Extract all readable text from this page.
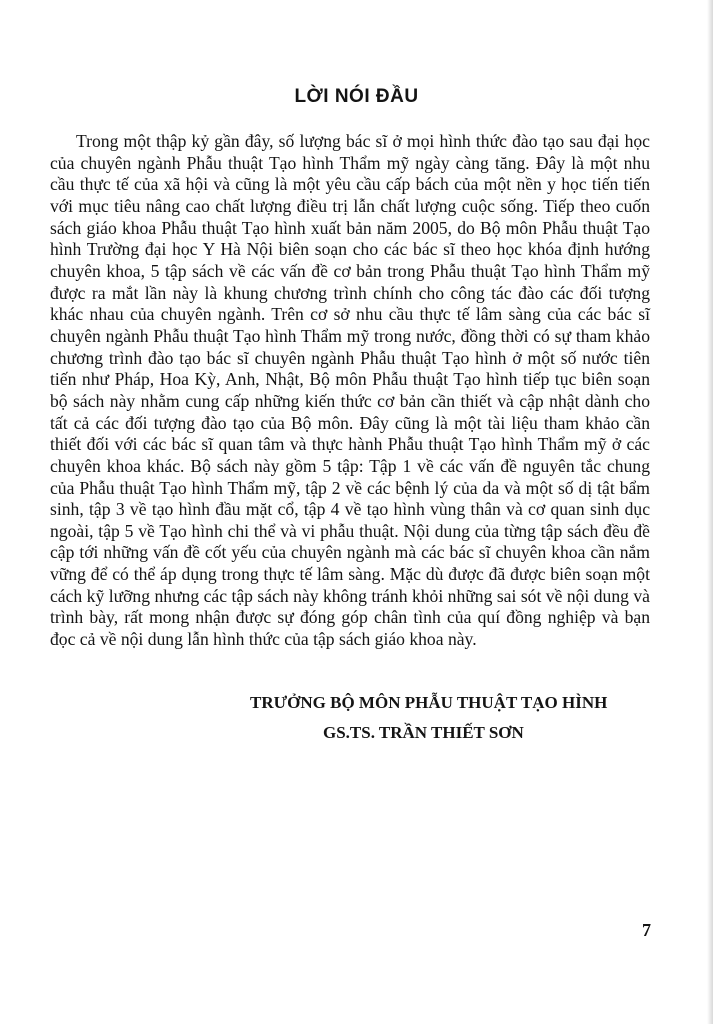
LỜI NÓI ĐẦU

Trong một thập kỷ gần đây, số lượng bác sĩ ở mọi hình thức đào tạo sau đại học của chuyên ngành Phẫu thuật Tạo hình Thẩm mỹ ngày càng tăng. Đây là một nhu cầu thực tế của xã hội và cũng là một yêu cầu cấp bách của một nền y học tiến tiến với mục tiêu nâng cao chất lượng điều trị lẫn chất lượng cuộc sống. Tiếp theo cuốn sách giáo khoa Phẫu thuật Tạo hình xuất bản năm 2005, do Bộ môn Phẫu thuật Tạo hình Trường đại học Y Hà Nội biên soạn cho các bác sĩ theo học khóa định hướng chuyên khoa, 5 tập sách về các vấn đề cơ bản trong Phẫu thuật Tạo hình Thẩm mỹ được ra mắt lần này là khung chương trình chính cho công tác đào các đối tượng khác nhau của chuyên ngành. Trên cơ sở nhu cầu thực tế lâm sàng của các bác sĩ chuyên ngành Phẫu thuật Tạo hình Thẩm mỹ trong nước, đồng thời có sự tham khảo chương trình đào tạo bác sĩ chuyên ngành Phẫu thuật Tạo hình ở một số nước tiên tiến như Pháp, Hoa Kỳ, Anh, Nhật, Bộ môn Phẫu thuật Tạo hình tiếp tục biên soạn bộ sách này nhằm cung cấp những kiến thức cơ bản cần thiết và cập nhật dành cho tất cả các đối tượng đào tạo của Bộ môn. Đây cũng là một tài liệu tham khảo cần thiết đối với các bác sĩ quan tâm và thực hành Phẫu thuật Tạo hình Thẩm mỹ ở các chuyên khoa khác. Bộ sách này gồm 5 tập: Tập 1 về các vấn đề nguyên tắc chung của Phẫu thuật Tạo hình Thẩm mỹ, tập 2 về các bệnh lý của da và một số dị tật bẩm sinh, tập 3 về tạo hình đầu mặt cổ, tập 4 về tạo hình vùng thân và cơ quan sinh dục ngoài, tập 5 về Tạo hình chi thể và vi phẫu thuật. Nội dung của từng tập sách đều đề cập tới những vấn đề cốt yếu của chuyên ngành mà các bác sĩ chuyên khoa cần nắm vững để có thể áp dụng trong thực tế lâm sàng. Mặc dù được đã được biên soạn một cách kỹ lưỡng nhưng các tập sách này không tránh khỏi những sai sót về nội dung và trình bày, rất mong nhận được sự đóng góp chân tình của quí đồng nghiệp và bạn đọc cả về nội dung lẫn hình thức của tập sách giáo khoa này.

TRƯỞNG BỘ MÔN PHẪU THUẬT TẠO HÌNH
GS.TS. TRẦN THIẾT SƠN
7
